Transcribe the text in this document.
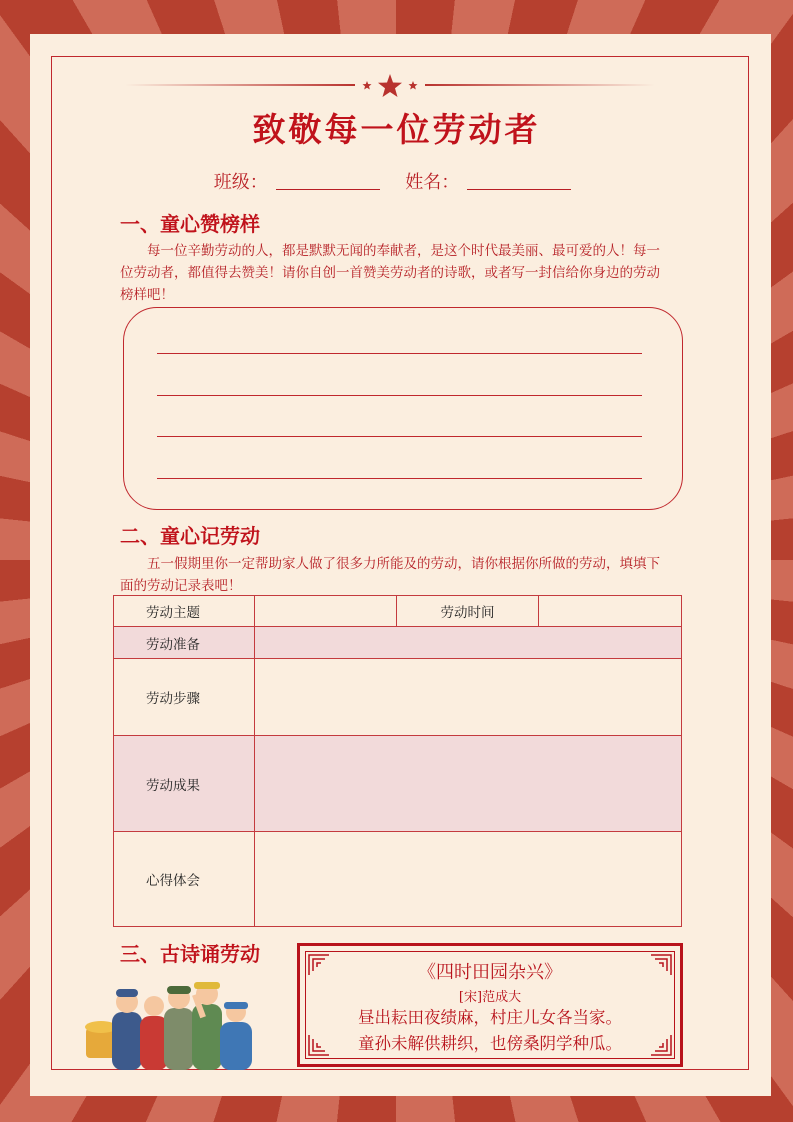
致敬每一位劳动者
班级：	姓名：
一、童心赞榜样

每一位辛勤劳动的人，都是默默无闻的奉献者，是这个时代最美丽、最可爱的人！每一位劳动者，都值得去赞美！请你自创一首赞美劳动者的诗歌，或者写一封信给你身边的劳动榜样吧！

二、童心记劳动

五一假期里你一定帮助家人做了很多力所能及的劳动，请你根据你所做的劳动，填填下面的劳动记录表吧！

劳动主题		劳动时间	
劳动准备			
劳动步骤			
劳动成果			
心得体会			
三、古诗诵劳动
《四时田园杂兴》
[宋]范成大
昼出耘田夜绩麻，村庄儿女各当家。
童孙未解供耕织，也傍桑阴学种瓜。
